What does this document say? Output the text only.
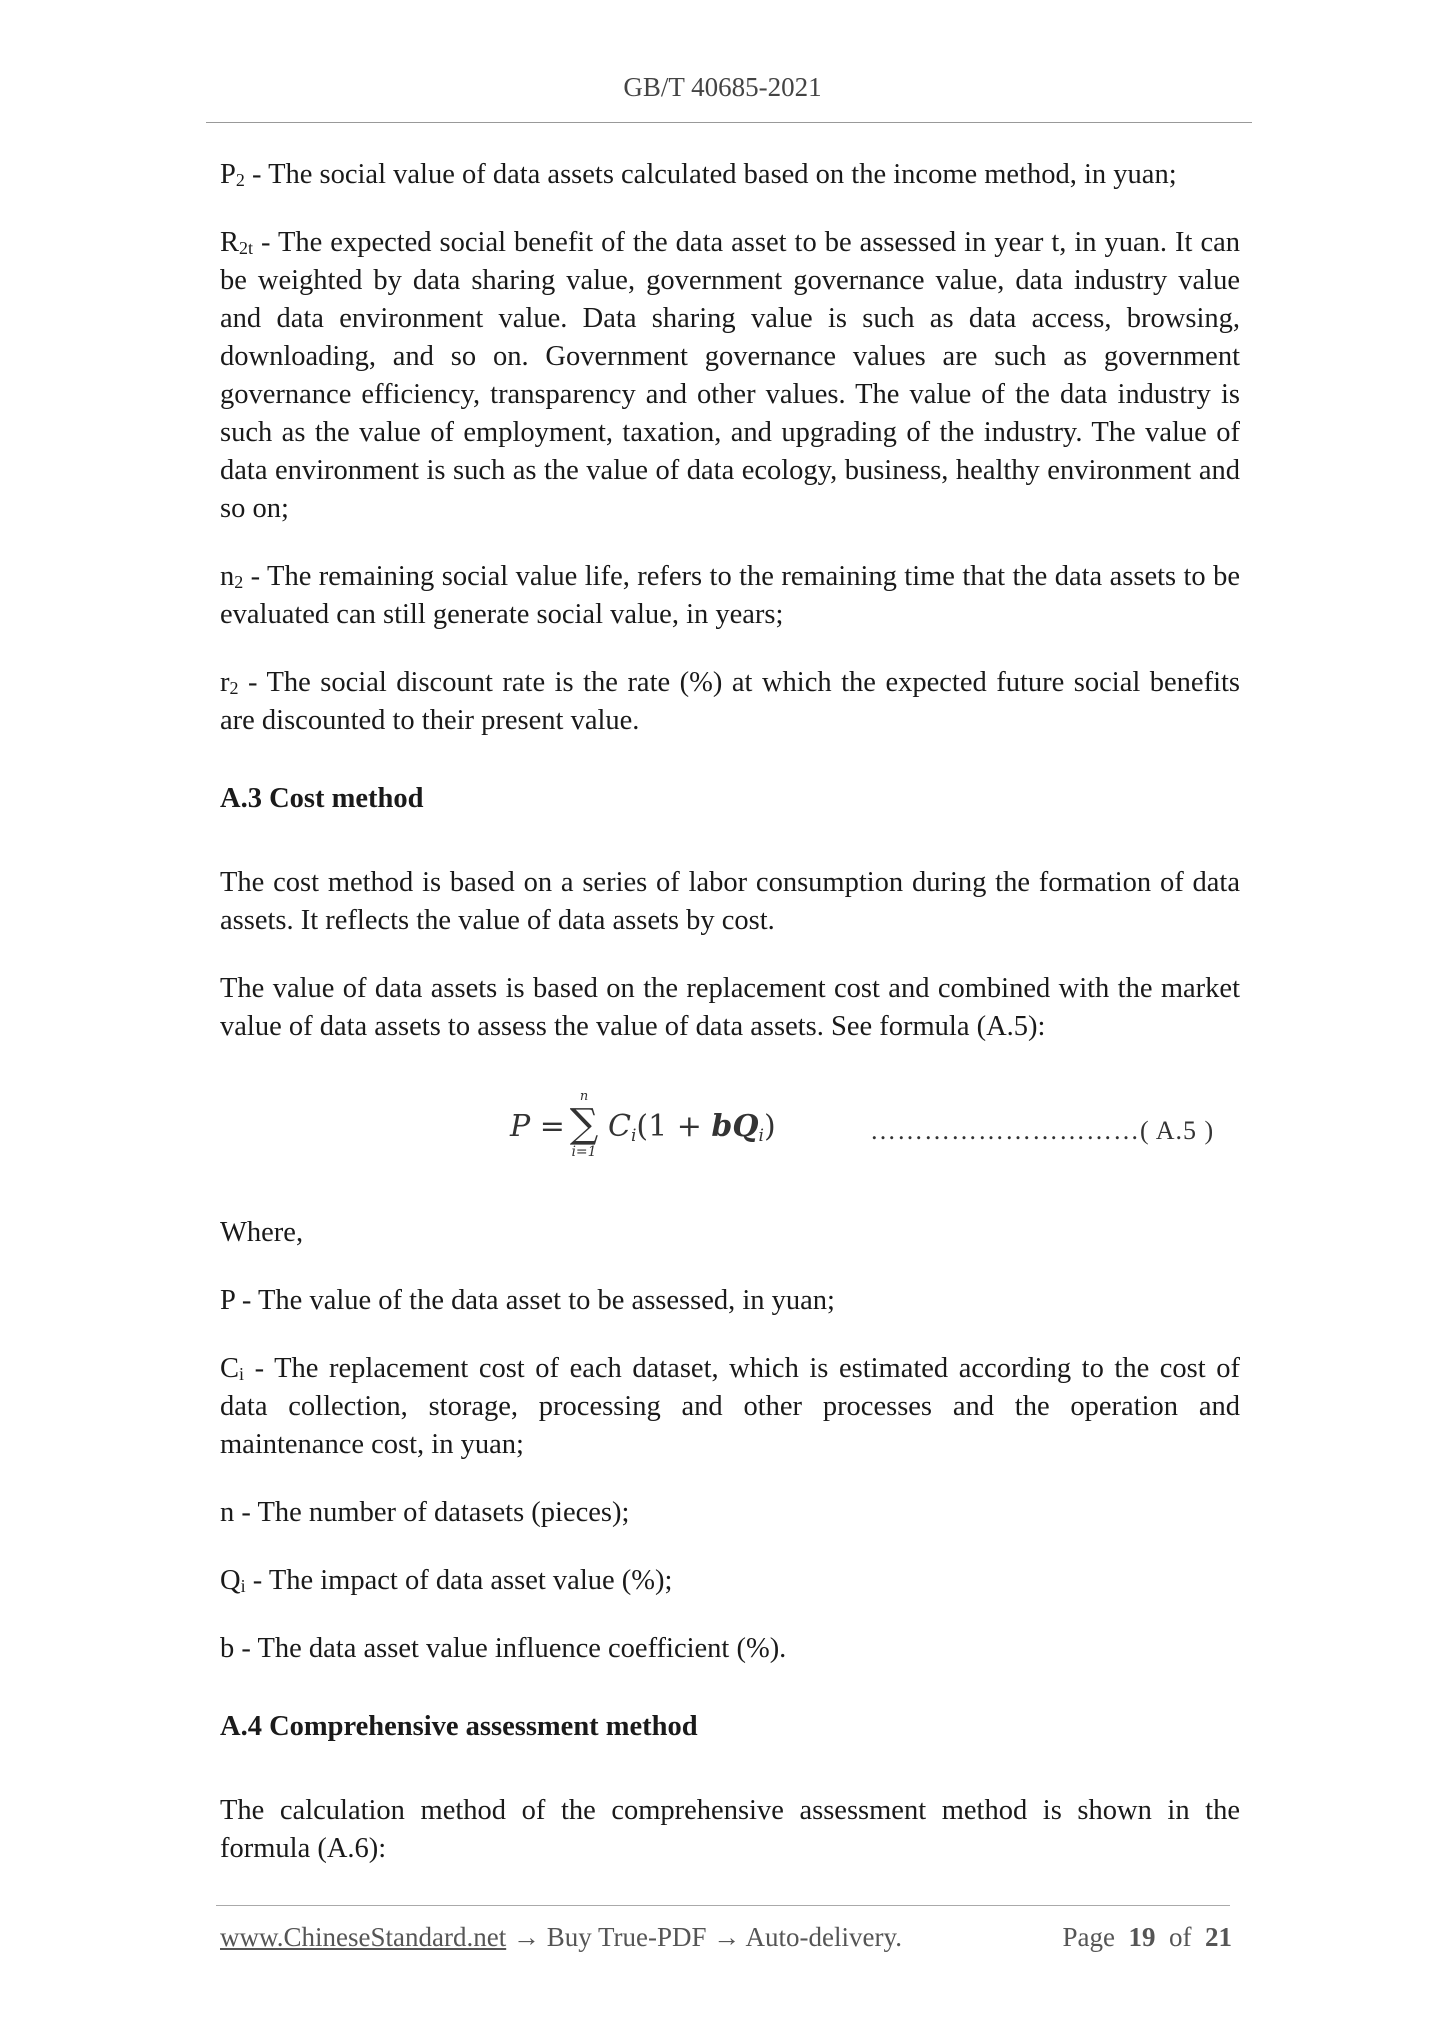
GB/T 40685-2021

$P_2$ - The social value of data assets calculated based on the income method, in yuan;

$R_{2t}$ - The expected social benefit of the data asset to be assessed in year t, in yuan. It can be weighted by data sharing value, government governance value, data industry value and data environment value. Data sharing value is such as data access, browsing, downloading, and so on. Government governance values are such as government governance efficiency, transparency and other values. The value of the data industry is such as the value of employment, taxation, and upgrading of the industry. The value of data environment is such as the value of data ecology, business, healthy environment and so on;

$n_2$ - The remaining social value life, refers to the remaining time that the data assets to be evaluated can still generate social value, in years;

$r_2$ - The social discount rate is the rate (%) at which the expected future social benefits are discounted to their present value.

A.3 Cost method

The cost method is based on a series of labor consumption during the formation of data assets. It reflects the value of data assets by cost.

The value of data assets is based on the replacement cost and combined with the market value of data assets to assess the value of data assets. See formula (A.5):

P =
n
∑
i=1
Ci(1 + bQi)	…………………………( A.5 )

Where,

P - The value of the data asset to be assessed, in yuan;

$C_i$ - The replacement cost of each dataset, which is estimated according to the cost of data collection, storage, processing and other processes and the operation and maintenance cost, in yuan;

n - The number of datasets (pieces);

$Q_i$ - The impact of data asset value (%);

b - The data asset value influence coefficient (%).

A.4 Comprehensive assessment method

The calculation method of the comprehensive assessment method is shown in the formula (A.6):

www.ChineseStandard.net → Buy True-PDF → Auto-delivery.	Page 19 of 21
